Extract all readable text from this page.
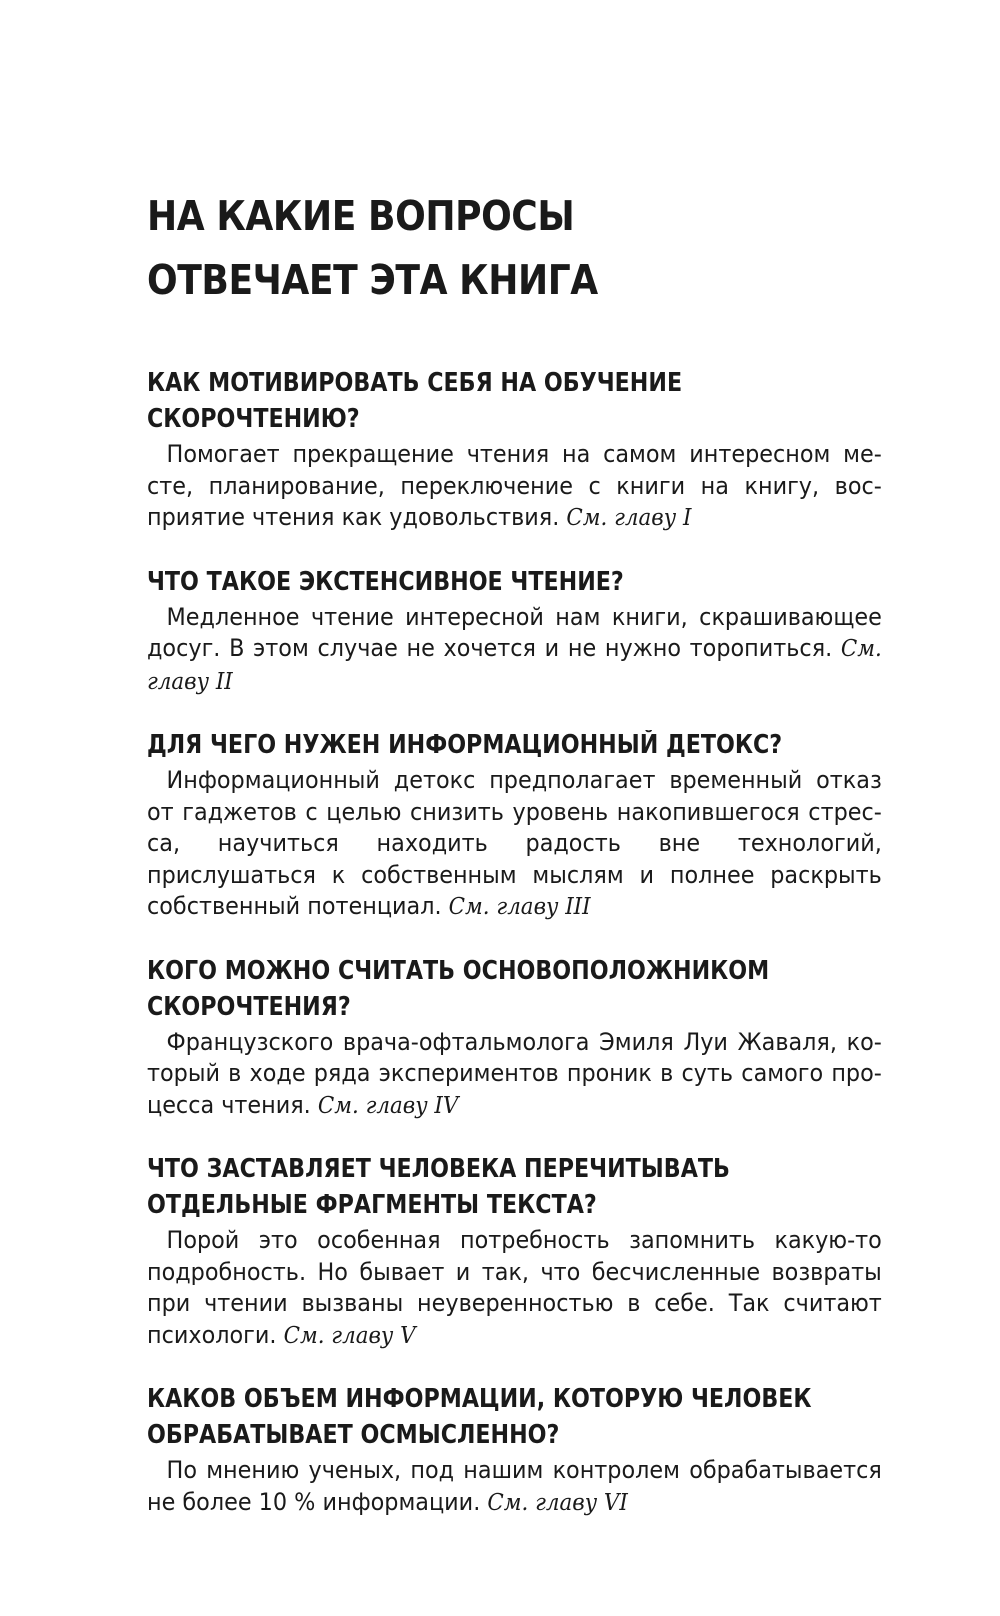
НА КАКИЕ ВОПРОСЫ
ОТВЕЧАЕТ ЭТА КНИГА
КАК МОТИВИРОВАТЬ СЕБЯ НА ОБУЧЕНИЕ СКОРОЧТЕНИЮ?

Помогает прекращение чтения на самом интересном месте, планирование, переключение с книги на книгу, восприятие чтения как удовольствия. См. главу I

ЧТО ТАКОЕ ЭКСТЕНСИВНОЕ ЧТЕНИЕ?

Медленное чтение интересной нам книги, скрашивающее досуг. В этом случае не хочется и не нужно торопиться. См. главу II

ДЛЯ ЧЕГО НУЖЕН ИНФОРМАЦИОННЫЙ ДЕТОКС?

Информационный детокс предполагает временный отказ от гаджетов с целью снизить уровень накопившегося стресса, научиться находить радость вне технологий, прислушаться к собственным мыслям и полнее раскрыть собственный потенциал. См. главу III

КОГО МОЖНО СЧИТАТЬ ОСНОВОПОЛОЖНИКОМ СКОРОЧТЕНИЯ?

Французского врача-офтальмолога Эмиля Луи Жаваля, который в ходе ряда экспериментов проник в суть самого процесса чтения. См. главу IV

ЧТО ЗАСТАВЛЯЕТ ЧЕЛОВЕКА ПЕРЕЧИТЫВАТЬ ОТДЕЛЬНЫЕ ФРАГМЕНТЫ ТЕКСТА?

Порой это особенная потребность запомнить какую-то подробность. Но бывает и так, что бесчисленные возвраты при чтении вызваны неуверенностью в себе. Так считают психологи. См. главу V

КАКОВ ОБЪЕМ ИНФОРМАЦИИ, КОТОРУЮ ЧЕЛОВЕК ОБРАБАТЫВАЕТ ОСМЫСЛЕННО?

По мнению ученых, под нашим контролем обрабатывается не более 10 % информации. См. главу VI
